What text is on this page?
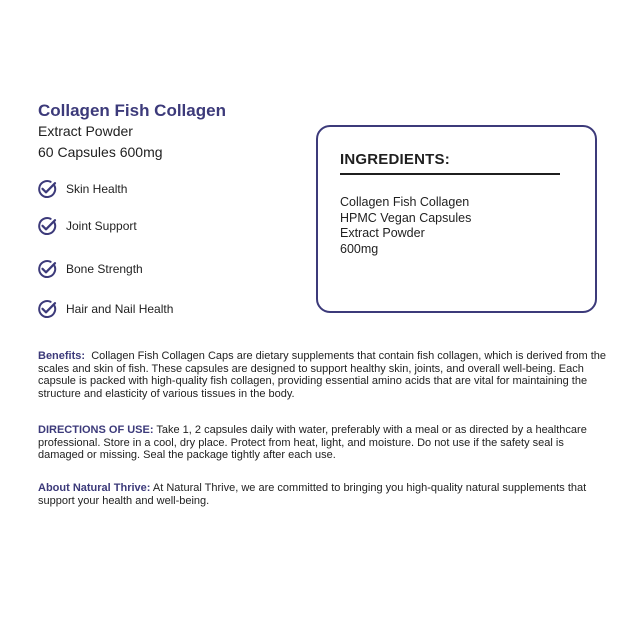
Collagen Fish Collagen

Extract Powder

60 Capsules 600mg

Skin Health
Joint Support
Bone Strength
Hair and Nail Health
INGREDIENTS:
Collagen Fish Collagen
HPMC Vegan Capsules
Extract Powder
600mg

Benefits: Collagen Fish Collagen Caps are dietary supplements that contain fish collagen, which is derived from the scales and skin of fish. These capsules are designed to support healthy skin, joints, and overall well-being. Each capsule is packed with high-quality fish collagen, providing essential amino acids that are vital for maintaining the structure and elasticity of various tissues in the body.

DIRECTIONS OF USE: Take 1, 2 capsules daily with water, preferably with a meal or as directed by a healthcare professional. Store in a cool, dry place. Protect from heat, light, and moisture. Do not use if the safety seal is damaged or missing. Seal the package tightly after each use.

About Natural Thrive: At Natural Thrive, we are committed to bringing you high-quality natural supplements that support your health and well-being.
